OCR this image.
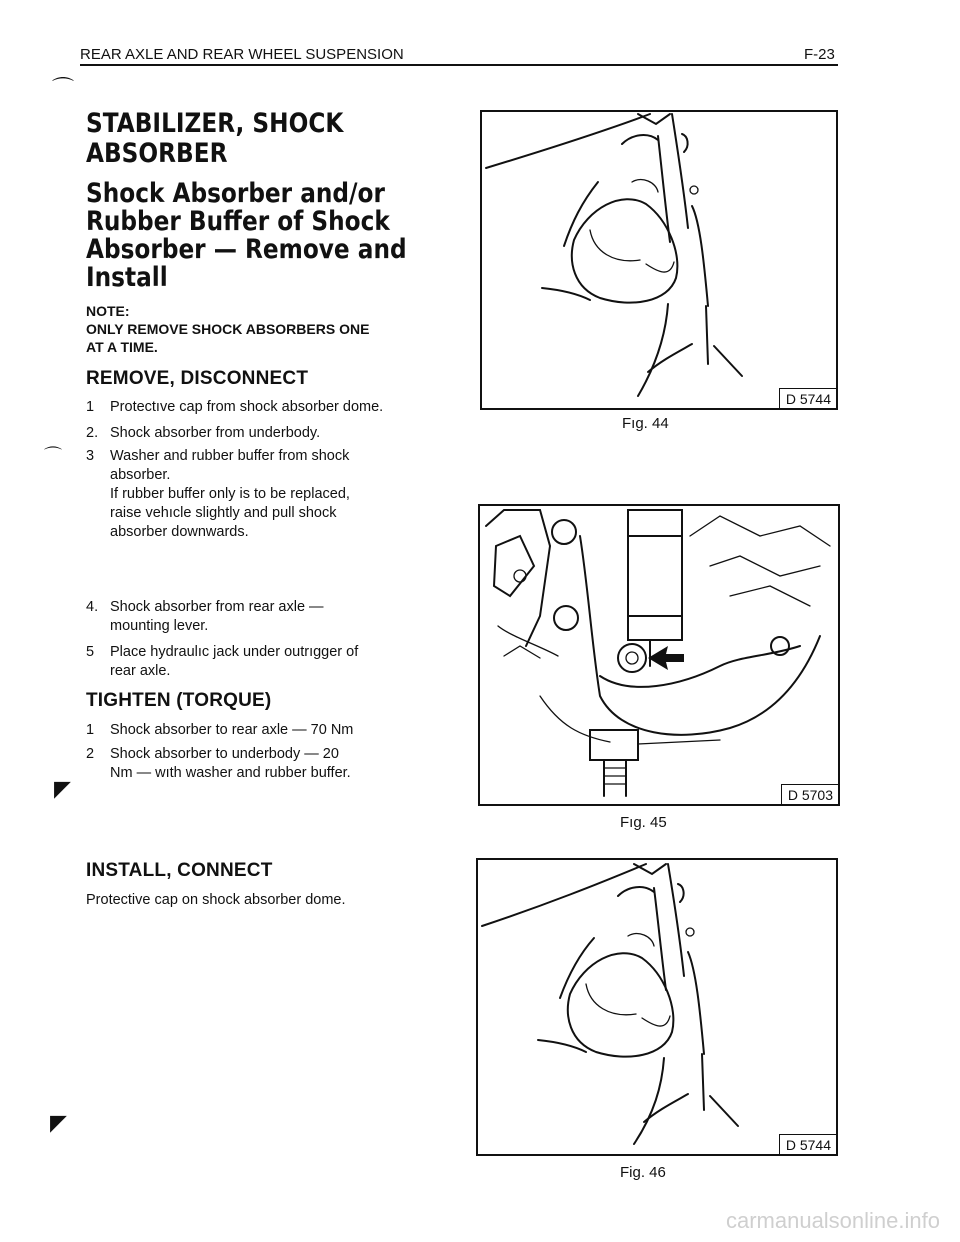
REAR AXLE AND REAR WHEEL SUSPENSION	F-23
⌒
⌒
◤
◤
STABILIZER, SHOCK
ABSORBER
Shock Absorber and/or
Rubber Buffer of Shock
Absorber — Remove and
Install
NOTE:
ONLY REMOVE SHOCK ABSORBERS ONE
AT A TIME.
REMOVE, DISCONNECT
1 Protectıve cap from shock absorber dome.
2. Shock absorber from underbody.
3 Washer and rubber buffer from shock absorber.
If rubber buffer only is to be replaced, raise vehıcle slightly and pull shock absorber downwards.
4. Shock absorber from rear axle — mounting lever.
5 Place hydraulıc jack under outrıgger of rear axle.
TIGHTEN (TORQUE)
1 Shock absorber to rear axle — 70 Nm
2 Shock absorber to underbody — 20 Nm — wıth washer and rubber buffer.
INSTALL, CONNECT
Protective cap on shock absorber dome.
D 5744
Fıg. 44
D 5703
Fıg. 45
D 5744
Fig. 46
carmanualsonline.info
